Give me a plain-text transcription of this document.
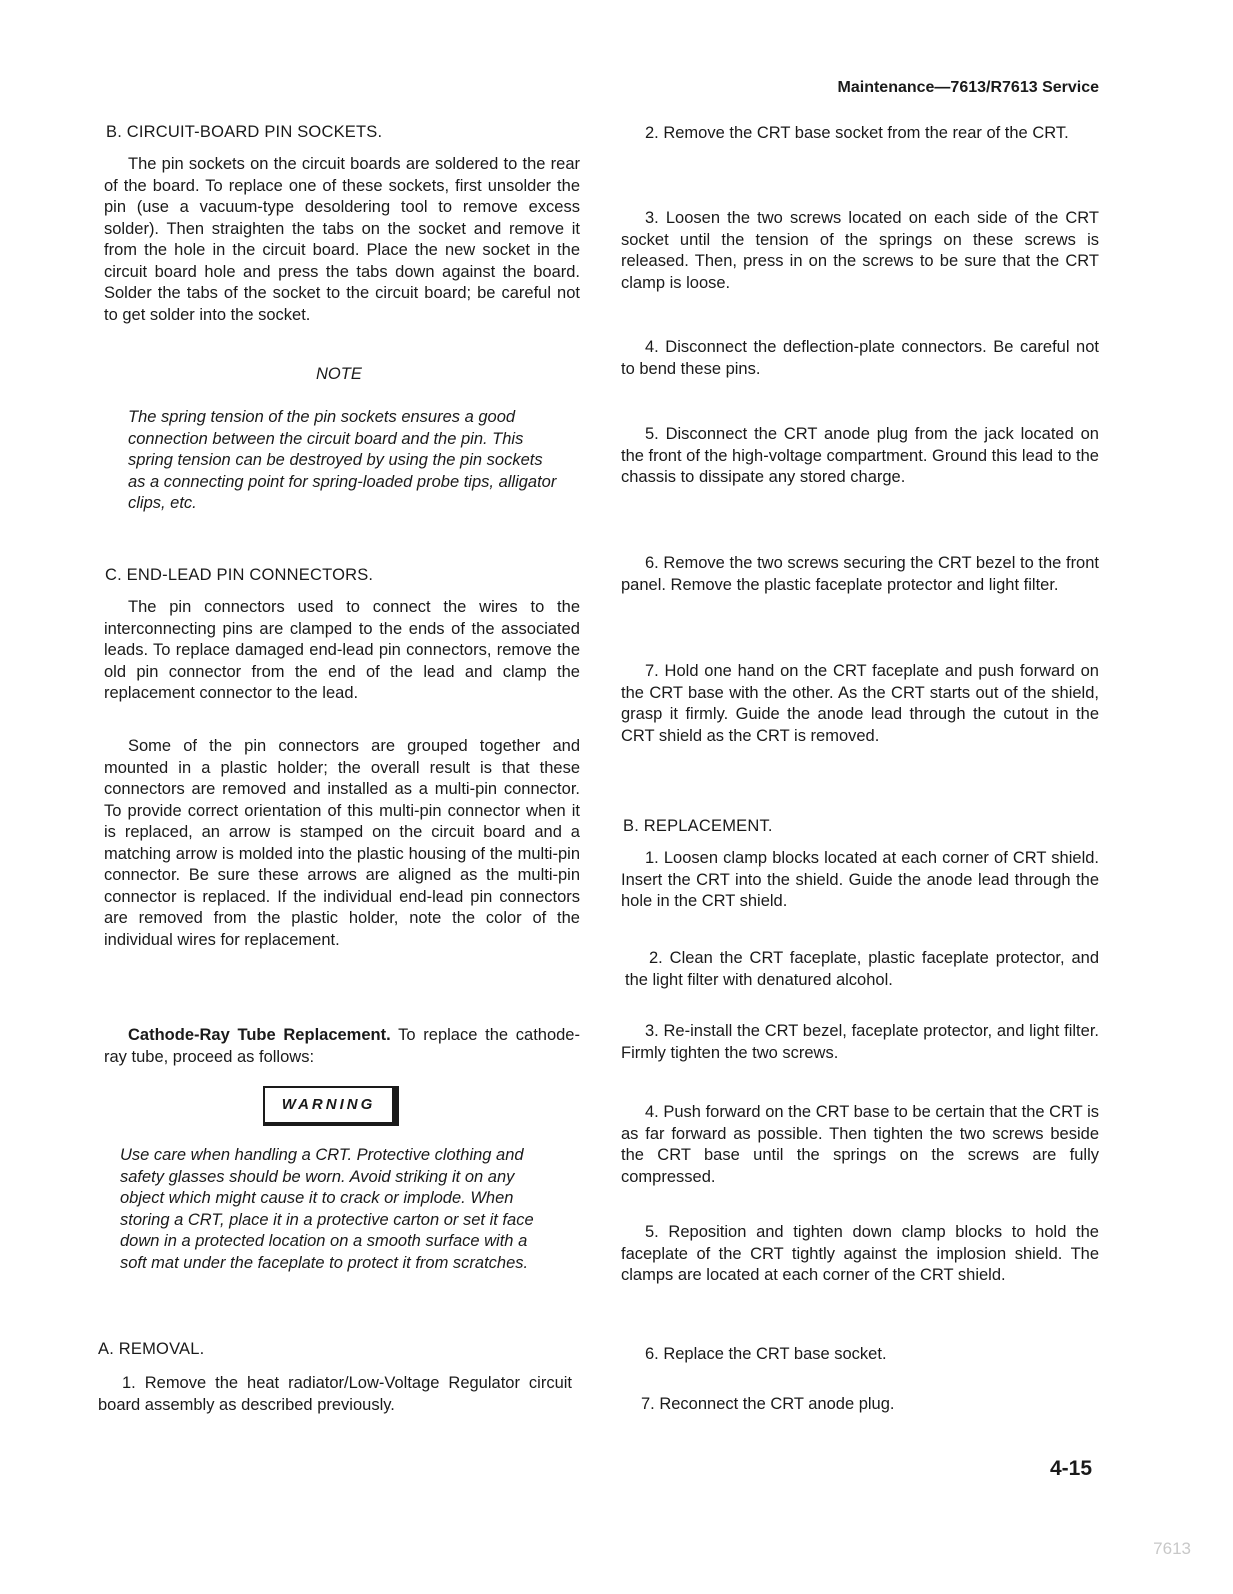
Maintenance—7613/R7613 Service
B. CIRCUIT-BOARD PIN SOCKETS.

The pin sockets on the circuit boards are soldered to the rear of the board. To replace one of these sockets, first unsolder the pin (use a vacuum-type desoldering tool to remove excess solder). Then straighten the tabs on the socket and remove it from the hole in the circuit board. Place the new socket in the circuit board hole and press the tabs down against the board. Solder the tabs of the socket to the circuit board; be careful not to get solder into the socket.

NOTE

The spring tension of the pin sockets ensures a good connection between the circuit board and the pin. This spring tension can be destroyed by using the pin sockets as a connecting point for spring-loaded probe tips, alligator clips, etc.

C. END-LEAD PIN CONNECTORS.

The pin connectors used to connect the wires to the interconnecting pins are clamped to the ends of the associated leads. To replace damaged end-lead pin connectors, remove the old pin connector from the end of the lead and clamp the replacement connector to the lead.

Some of the pin connectors are grouped together and mounted in a plastic holder; the overall result is that these connectors are removed and installed as a multi-pin connector. To provide correct orientation of this multi-pin connector when it is replaced, an arrow is stamped on the circuit board and a matching arrow is molded into the plastic housing of the multi-pin connector. Be sure these arrows are aligned as the multi-pin connector is replaced. If the individual end-lead pin connectors are removed from the plastic holder, note the color of the individual wires for replacement.

Cathode-Ray Tube Replacement. To replace the cathode-ray tube, proceed as follows:

WARNING

Use care when handling a CRT. Protective clothing and safety glasses should be worn. Avoid striking it on any object which might cause it to crack or implode. When storing a CRT, place it in a protective carton or set it face down in a protected location on a smooth surface with a soft mat under the faceplate to protect it from scratches.

A. REMOVAL.

1. Remove the heat radiator/Low-Voltage Regulator circuit board assembly as described previously.

2. Remove the CRT base socket from the rear of the CRT.

3. Loosen the two screws located on each side of the CRT socket until the tension of the springs on these screws is released. Then, press in on the screws to be sure that the CRT clamp is loose.

4. Disconnect the deflection-plate connectors. Be careful not to bend these pins.

5. Disconnect the CRT anode plug from the jack located on the front of the high-voltage compartment. Ground this lead to the chassis to dissipate any stored charge.

6. Remove the two screws securing the CRT bezel to the front panel. Remove the plastic faceplate protector and light filter.

7. Hold one hand on the CRT faceplate and push forward on the CRT base with the other. As the CRT starts out of the shield, grasp it firmly. Guide the anode lead through the cutout in the CRT shield as the CRT is removed.

B. REPLACEMENT.

1. Loosen clamp blocks located at each corner of CRT shield. Insert the CRT into the shield. Guide the anode lead through the hole in the CRT shield.

2. Clean the CRT faceplate, plastic faceplate protector, and the light filter with denatured alcohol.

3. Re-install the CRT bezel, faceplate protector, and light filter. Firmly tighten the two screws.

4. Push forward on the CRT base to be certain that the CRT is as far forward as possible. Then tighten the two screws beside the CRT base until the springs on the screws are fully compressed.

5. Reposition and tighten down clamp blocks to hold the faceplate of the CRT tightly against the implosion shield. The clamps are located at each corner of the CRT shield.

6. Replace the CRT base socket.

7. Reconnect the CRT anode plug.

4-15
7613
